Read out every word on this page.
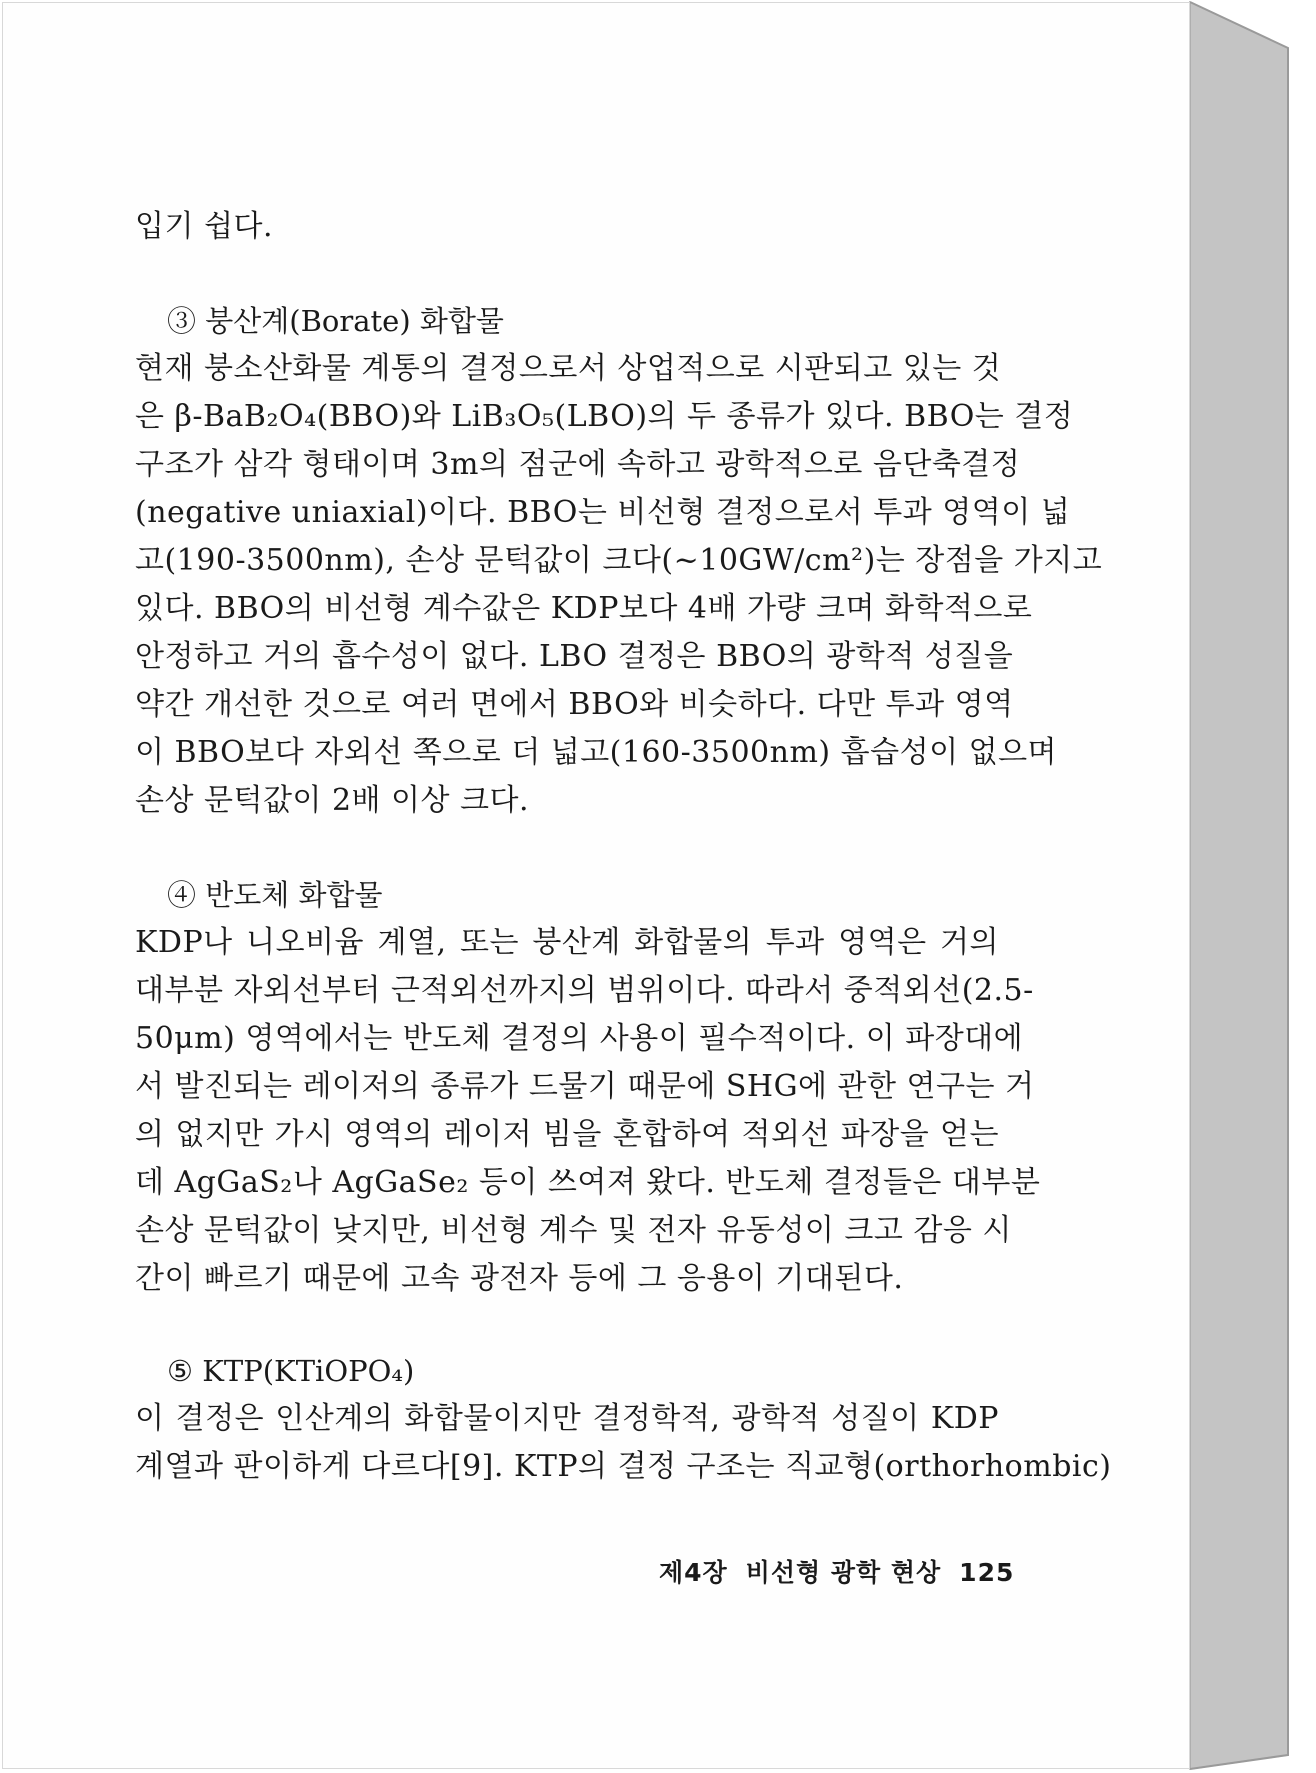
입기 쉽다.

③ 붕산계(Borate) 화합물

현재 붕소산화물 계통의 결정으로서 상업적으로 시판되고 있는 것
은 β-BaB₂O₄(BBO)와 LiB₃O₅(LBO)의 두 종류가 있다. BBO는 결정
구조가 삼각 형태이며 3m의 점군에 속하고 광학적으로 음단축결정
(negative uniaxial)이다. BBO는 비선형 결정으로서 투과 영역이 넓
고(190-3500nm), 손상 문턱값이 크다(~10GW/cm²)는 장점을 가지고
있다. BBO의 비선형 계수값은 KDP보다 4배 가량 크며 화학적으로
안정하고 거의 흡수성이 없다. LBO 결정은 BBO의 광학적 성질을
약간 개선한 것으로 여러 면에서 BBO와 비슷하다. 다만 투과 영역
이 BBO보다 자외선 쪽으로 더 넓고(160-3500nm) 흡습성이 없으며
손상 문턱값이 2배 이상 크다.

④ 반도체 화합물

KDP나 니오비윰 계열, 또는 붕산계 화합물의 투과 영역은 거의
대부분 자외선부터 근적외선까지의 범위이다. 따라서 중적외선(2.5-
50μm) 영역에서는 반도체 결정의 사용이 필수적이다. 이 파장대에
서 발진되는 레이저의 종류가 드물기 때문에 SHG에 관한 연구는 거
의 없지만 가시 영역의 레이저 빔을 혼합하여 적외선 파장을 얻는
데 AgGaS₂나 AgGaSe₂ 등이 쓰여져 왔다. 반도체 결정들은 대부분
손상 문턱값이 낮지만, 비선형 계수 및 전자 유동성이 크고 감응 시
간이 빠르기 때문에 고속 광전자 등에 그 응용이 기대된다.

⑤ KTP(KTiOPO₄)

이 결정은 인산계의 화합물이지만 결정학적, 광학적 성질이 KDP
계열과 판이하게 다르다[9]. KTP의 결정 구조는 직교형(orthorhombic)

제4장 비선형 광학 현상 125
